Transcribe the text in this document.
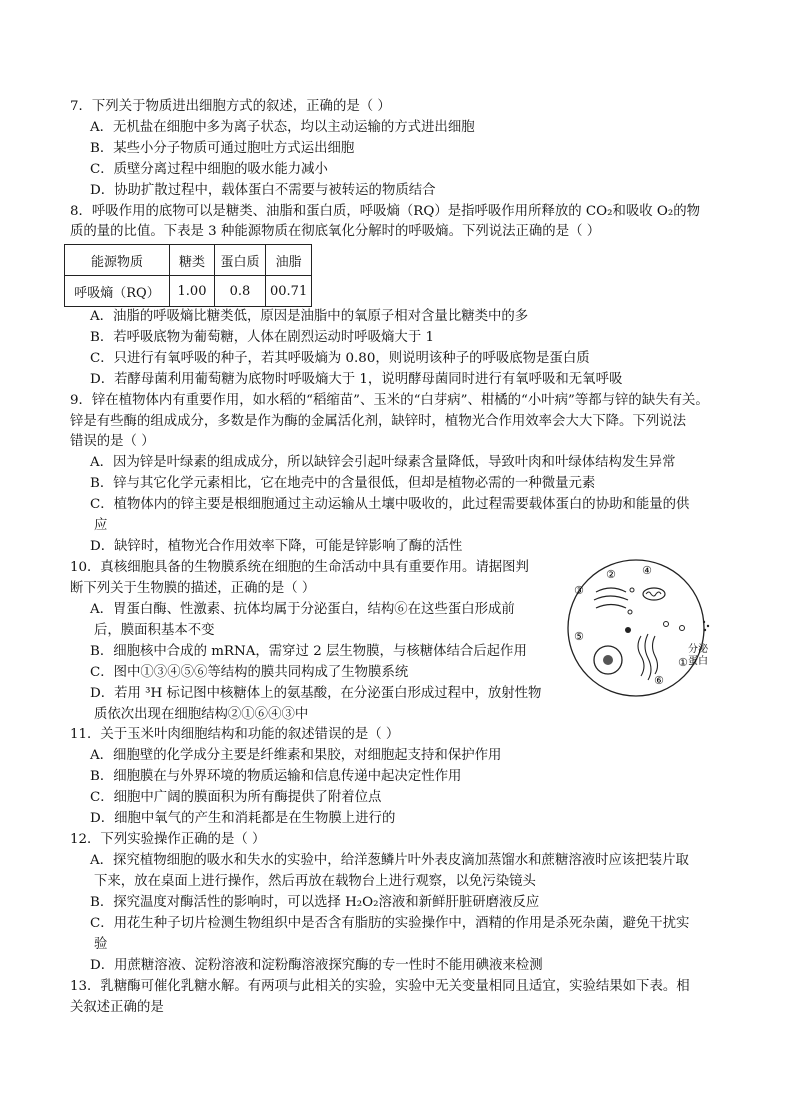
7．下列关于物质进出细胞方式的叙述，正确的是（ ）
A．无机盐在细胞中多为离子状态，均以主动运输的方式进出细胞
B．某些小分子物质可通过胞吐方式运出细胞
C．质壁分离过程中细胞的吸水能力减小
D．协助扩散过程中，载体蛋白不需要与被转运的物质结合
8．呼吸作用的底物可以是糖类、油脂和蛋白质，呼吸熵（RQ）是指呼吸作用所释放的 CO₂和吸收 O₂的物
质的量的比值。下表是 3 种能源物质在彻底氧化分解时的呼吸熵。下列说法正确的是（ ）
能源物质	糖类	蛋白质	油脂
呼吸熵（RQ）	1.00	0.8	00.71
A．油脂的呼吸熵比糖类低，原因是油脂中的氧原子相对含量比糖类中的多
B．若呼吸底物为葡萄糖，人体在剧烈运动时呼吸熵大于 1
C．只进行有氧呼吸的种子，若其呼吸熵为 0.80，则说明该种子的呼吸底物是蛋白质
D．若酵母菌利用葡萄糖为底物时呼吸熵大于 1，说明酵母菌同时进行有氧呼吸和无氧呼吸
9．锌在植物体内有重要作用，如水稻的“稻缩苗”、玉米的“白芽病”、柑橘的“小叶病”等都与锌的缺失有关。
锌是有些酶的组成成分，多数是作为酶的金属活化剂，缺锌时，植物光合作用效率会大大下降。下列说法
错误的是（ ）
A．因为锌是叶绿素的组成成分，所以缺锌会引起叶绿素含量降低，导致叶肉和叶绿体结构发生异常
B．锌与其它化学元素相比，它在地壳中的含量很低，但却是植物必需的一种微量元素
C．植物体内的锌主要是根细胞通过主动运输从土壤中吸收的，此过程需要载体蛋白的协助和能量的供
应
D．缺锌时，植物光合作用效率下降，可能是锌影响了酶的活性
10．真核细胞具备的生物膜系统在细胞的生命活动中具有重要作用。请据图判
断下列关于生物膜的描述，正确的是（ ）
A．胃蛋白酶、性激素、抗体均属于分泌蛋白，结构⑥在这些蛋白形成前
后，膜面积基本不变
B．细胞核中合成的 mRNA，需穿过 2 层生物膜，与核糖体结合后起作用
C．图中①③④⑤⑥等结构的膜共同构成了生物膜系统
D．若用 ³H 标记图中核糖体上的氨基酸，在分泌蛋白形成过程中，放射性物
质依次出现在细胞结构②①⑥④③中
③
② ④
⑤
⑥
①
分泌
蛋白
11．关于玉米叶肉细胞结构和功能的叙述错误的是（ ）
A．细胞壁的化学成分主要是纤维素和果胶，对细胞起支持和保护作用
B．细胞膜在与外界环境的物质运输和信息传递中起决定性作用
C．细胞中广阔的膜面积为所有酶提供了附着位点
D．细胞中氧气的产生和消耗都是在生物膜上进行的
12．下列实验操作正确的是（ ）
A．探究植物细胞的吸水和失水的实验中，给洋葱鳞片叶外表皮滴加蒸馏水和蔗糖溶液时应该把装片取
下来，放在桌面上进行操作，然后再放在载物台上进行观察，以免污染镜头
B．探究温度对酶活性的影响时，可以选择 H₂O₂溶液和新鲜肝脏研磨液反应
C．用花生种子切片检测生物组织中是否含有脂肪的实验操作中，酒精的作用是杀死杂菌，避免干扰实
验
D．用蔗糖溶液、淀粉溶液和淀粉酶溶液探究酶的专一性时不能用碘液来检测
13．乳糖酶可催化乳糖水解。有两项与此相关的实验，实验中无关变量相同且适宜，实验结果如下表。相
关叙述正确的是
